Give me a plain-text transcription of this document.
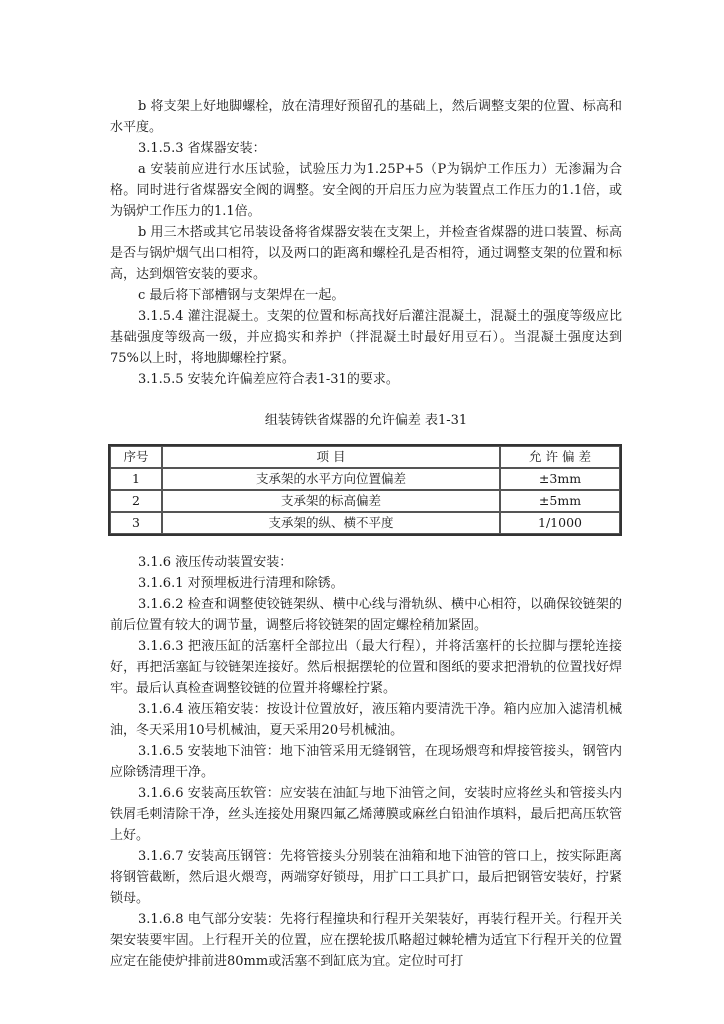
b 将支架上好地脚螺栓，放在清理好预留孔的基础上，然后调整支架的位置、标高和水平度。

3.1.5.3 省煤器安装：

a 安装前应进行水压试验，试验压力为1.25P+5（P为锅炉工作压力）无渗漏为合格。同时进行省煤器安全阀的调整。安全阀的开启压力应为装置点工作压力的1.1倍，或为锅炉工作压力的1.1倍。

b 用三木搭或其它吊装设备将省煤器安装在支架上，并检查省煤器的进口装置、标高是否与锅炉烟气出口相符，以及两口的距离和螺栓孔是否相符，通过调整支架的位置和标高，达到烟管安装的要求。

c 最后将下部槽钢与支架焊在一起。

3.1.5.4 灌注混凝土。支架的位置和标高找好后灌注混凝土，混凝土的强度等级应比基础强度等级高一级，并应捣实和养护（拌混凝土时最好用豆石）。当混凝土强度达到75%以上时，将地脚螺栓拧紧。

3.1.5.5 安装允许偏差应符合表1-31的要求。

组装铸铁省煤器的允许偏差 表1-31

序号	项 目	允 许 偏 差
1	支承架的水平方向位置偏差	±3mm
2	支承架的标高偏差	±5mm
3	支承架的纵、横不平度	1/1000

3.1.6 液压传动装置安装：

3.1.6.1 对预埋板进行清理和除锈。

3.1.6.2 检查和调整使铰链架纵、横中心线与滑轨纵、横中心相符，以确保铰链架的前后位置有较大的调节量，调整后将铰链架的固定螺栓稍加紧固。

3.1.6.3 把液压缸的活塞杆全部拉出（最大行程），并将活塞杆的长拉脚与摆轮连接好，再把活塞缸与铰链架连接好。然后根据摆轮的位置和图纸的要求把滑轨的位置找好焊牢。最后认真检查调整铰链的位置并将螺栓拧紧。

3.1.6.4 液压箱安装：按设计位置放好，液压箱内要清洗干净。箱内应加入滤清机械油，冬天采用10号机械油，夏天采用20号机械油。

3.1.6.5 安装地下油管：地下油管采用无缝钢管，在现场煨弯和焊接管接头，钢管内应除锈清理干净。

3.1.6.6 安装高压软管：应安装在油缸与地下油管之间，安装时应将丝头和管接头内铁屑毛刺清除干净，丝头连接处用聚四氟乙烯薄膜或麻丝白铅油作填料，最后把高压软管上好。

3.1.6.7 安装高压钢管：先将管接头分别装在油箱和地下油管的管口上，按实际距离将钢管截断，然后退火煨弯，两端穿好锁母，用扩口工具扩口，最后把钢管安装好，拧紧锁母。

3.1.6.8 电气部分安装：先将行程撞块和行程开关架装好，再装行程开关。行程开关架安装要牢固。上行程开关的位置，应在摆轮拔爪略超过棘轮槽为适宜下行程开关的位置应定在能使炉排前进80mm或活塞不到缸底为宜。定位时可打
